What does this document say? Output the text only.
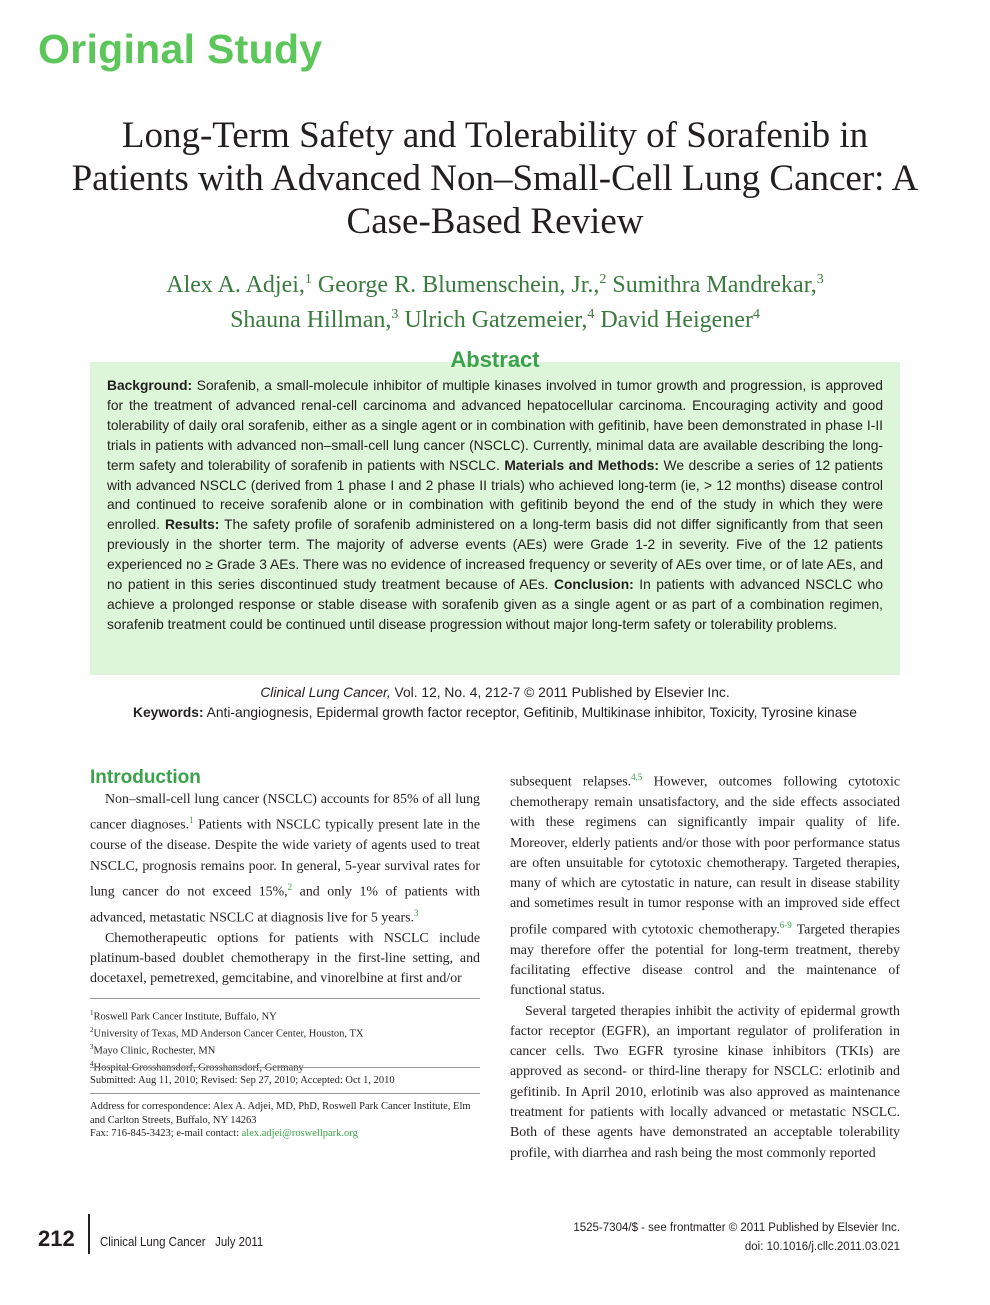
Original Study
Long-Term Safety and Tolerability of Sorafenib in Patients with Advanced Non–Small-Cell Lung Cancer: A Case-Based Review
Alex A. Adjei,$^1$ George R. Blumenschein, Jr.,$^2$ Sumithra Mandrekar,$^3$
Shauna Hillman,$^3$ Ulrich Gatzemeier,$^4$ David Heigener$^4$
Abstract
Background: Sorafenib, a small-molecule inhibitor of multiple kinases involved in tumor growth and progression, is approved for the treatment of advanced renal-cell carcinoma and advanced hepatocellular carcinoma. Encouraging activity and good tolerability of daily oral sorafenib, either as a single agent or in combination with gefitinib, have been demonstrated in phase I-II trials in patients with advanced non–small-cell lung cancer (NSCLC). Currently, minimal data are available describing the long-term safety and tolerability of sorafenib in patients with NSCLC. Materials and Methods: We describe a series of 12 patients with advanced NSCLC (derived from 1 phase I and 2 phase II trials) who achieved long-term (ie, > 12 months) disease control and continued to receive sorafenib alone or in combination with gefitinib beyond the end of the study in which they were enrolled. Results: The safety profile of sorafenib administered on a long-term basis did not differ significantly from that seen previously in the shorter term. The majority of adverse events (AEs) were Grade 1-2 in severity. Five of the 12 patients experienced no ≥ Grade 3 AEs. There was no evidence of increased frequency or severity of AEs over time, or of late AEs, and no patient in this series discontinued study treatment because of AEs. Conclusion: In patients with advanced NSCLC who achieve a prolonged response or stable disease with sorafenib given as a single agent or as part of a combination regimen, sorafenib treatment could be continued until disease progression without major long-term safety or tolerability problems.
Clinical Lung Cancer, Vol. 12, No. 4, 212-7 © 2011 Published by Elsevier Inc.
Keywords: Anti-angiognesis, Epidermal growth factor receptor, Gefitinib, Multikinase inhibitor, Toxicity, Tyrosine kinase
Introduction

Non–small-cell lung cancer (NSCLC) accounts for 85% of all lung cancer diagnoses.$^1$ Patients with NSCLC typically present late in the course of the disease. Despite the wide variety of agents used to treat NSCLC, prognosis remains poor. In general, 5-year survival rates for lung cancer do not exceed 15%,$^2$ and only 1% of patients with advanced, metastatic NSCLC at diagnosis live for 5 years.$^3$

Chemotherapeutic options for patients with NSCLC include platinum-based doublet chemotherapy in the first-line setting, and docetaxel, pemetrexed, gemcitabine, and vinorelbine at first and/or

subsequent relapses.$^{4,5}$ However, outcomes following cytotoxic chemotherapy remain unsatisfactory, and the side effects associated with these regimens can significantly impair quality of life. Moreover, elderly patients and/or those with poor performance status are often unsuitable for cytotoxic chemotherapy. Targeted therapies, many of which are cytostatic in nature, can result in disease stability and sometimes result in tumor response with an improved side effect profile compared with cytotoxic chemotherapy.$^{6-9}$ Targeted therapies may therefore offer the potential for long-term treatment, thereby facilitating effective disease control and the maintenance of functional status.

Several targeted therapies inhibit the activity of epidermal growth factor receptor (EGFR), an important regulator of proliferation in cancer cells. Two EGFR tyrosine kinase inhibitors (TKIs) are approved as second- or third-line therapy for NSCLC: erlotinib and gefitinib. In April 2010, erlotinib was also approved as maintenance treatment for patients with locally advanced or metastatic NSCLC. Both of these agents have demonstrated an acceptable tolerability profile, with diarrhea and rash being the most commonly reported

$^1$Roswell Park Cancer Institute, Buffalo, NY
$^2$University of Texas, MD Anderson Cancer Center, Houston, TX
$^3$Mayo Clinic, Rochester, MN
$^4$Hospital Grosshansdorf, Grosshansdorf, Germany
Submitted: Aug 11, 2010; Revised: Sep 27, 2010; Accepted: Oct 1, 2010
Address for correspondence: Alex A. Adjei, MD, PhD, Roswell Park Cancer Institute, Elm and Carlton Streets, Buffalo, NY 14263
Fax: 716-845-3423; e-mail contact: alex.adjei@roswellpark.org
212 Clinical Lung Cancer July 2011
1525-7304/$ - see frontmatter © 2011 Published by Elsevier Inc.
doi: 10.1016/j.cllc.2011.03.021
